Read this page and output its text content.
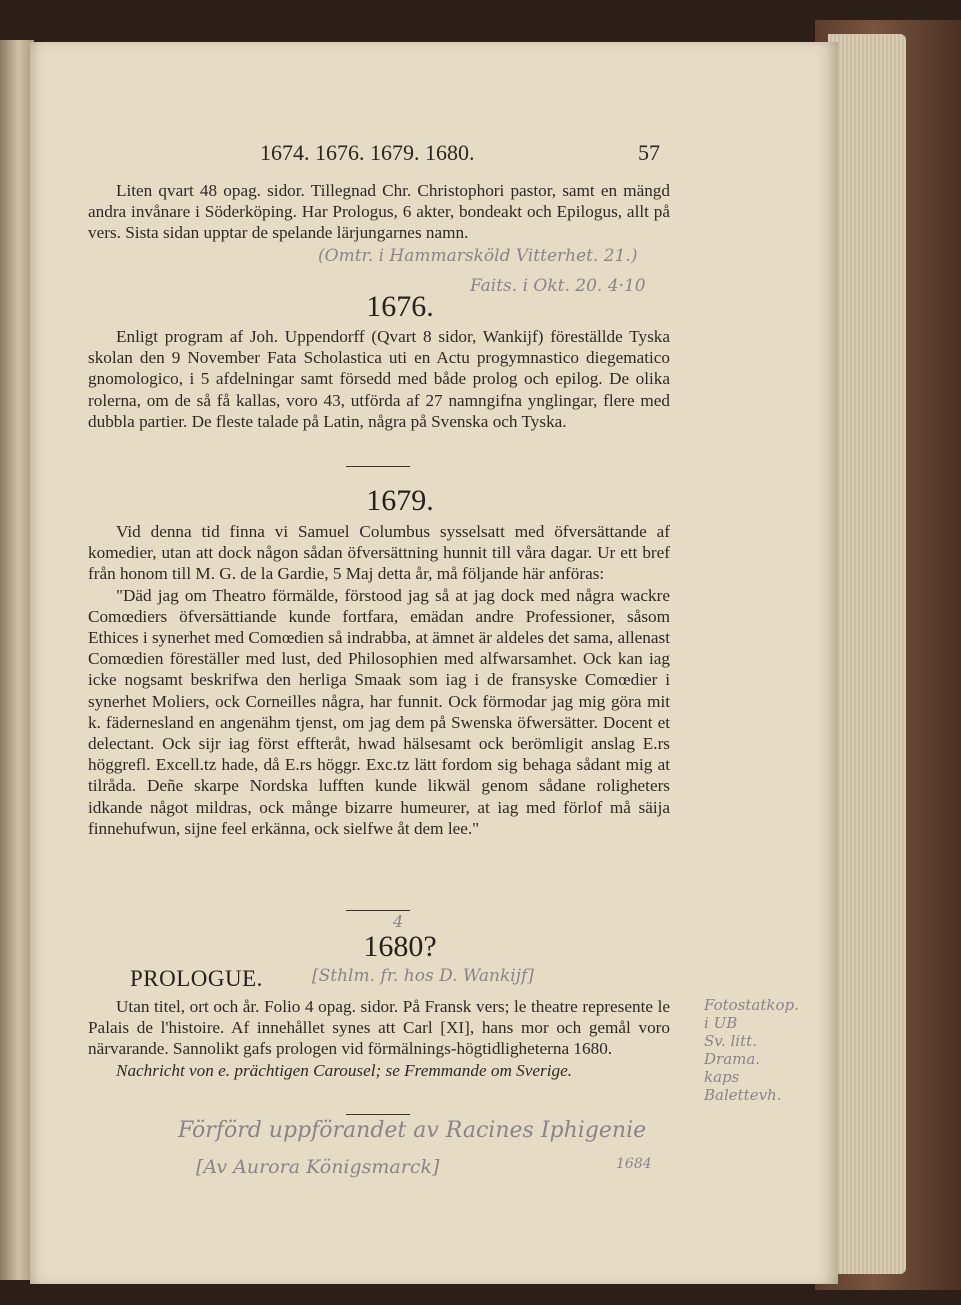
1674. 1676. 1679. 1680.	57

Liten qvart 48 opag. sidor. Tillegnad Chr. Christophori pastor, samt en mängd andra invånare i Söderköping. Har Prologus, 6 akter, bondeakt och Epilogus, allt på vers. Sista sidan upptar de spelande lärjungarnes namn.

(Omtr. i Hammarsköld Vitterhet. 21.)
Faits. i Okt. 20. 4·10
1676.

Enligt program af Joh. Uppendorff (Qvart 8 sidor, Wankijf) föreställde Tyska skolan den 9 November Fata Scholastica uti en Actu progymnastico diegematico gnomologico, i 5 afdelningar samt försedd med både prolog och epilog. De olika rolerna, om de så få kallas, voro 43, utförda af 27 namngifna ynglingar, flere med dubbla partier. De fleste talade på Latin, några på Svenska och Tyska.

1679.

Vid denna tid finna vi Samuel Columbus sysselsatt med öfversättande af komedier, utan att dock någon sådan öfversättning hunnit till våra dagar. Ur ett bref från honom till M. G. de la Gardie, 5 Maj detta år, må följande här anföras:

"Däd jag om Theatro förmälde, förstood jag så at jag dock med några wackre Comœdiers öfversättiande kunde fortfara, emädan andre Professioner, såsom Ethices i synerhet med Comœdien så indrabba, at ämnet är aldeles det sama, allenast Comœdien föreställer med lust, ded Philosophien med alfwarsamhet. Ock kan iag icke nogsamt beskrifwa den herliga Smaak som iag i de fransyske Comœdier i synerhet Moliers, ock Corneilles några, har funnit. Ock förmodar jag mig göra mit k. fädernesland en angenähm tjenst, om jag dem på Swenska öfwersätter. Docent et delectant. Ock sijr iag först effteråt, hwad hälsesamt ock berömligit anslag E.rs höggrefl. Excell.tz hade, då E.rs höggr. Exc.tz lätt fordom sig behaga sådant mig at tilråda. Deñe skarpe Nordska lufften kunde likwäl genom sådane roligheters idkande något mildras, ock månge bizarre humeurer, at iag med förlof må säija finnehufwun, sijne feel erkänna, ock sielfwe åt dem lee."

4
1680?
PROLOGUE.	[Sthlm. fr. hos D. Wankijf]

Utan titel, ort och år. Folio 4 opag. sidor. På Fransk vers; le theatre represente le Palais de l'histoire. Af innehållet synes att Carl [XI], hans mor och gemål voro närvarande. Sannolikt gafs prologen vid förmälnings-högtidligheterna 1680.

Nachricht von e. prächtigen Carousel; se Fremmande om Sverige.

Förförd uppförandet av Racines Iphigenie
[Av Aurora Königsmarck]	1684
Fotostatkop.
i UB
Sv. litt.
Drama.
kaps
Balettevh.
